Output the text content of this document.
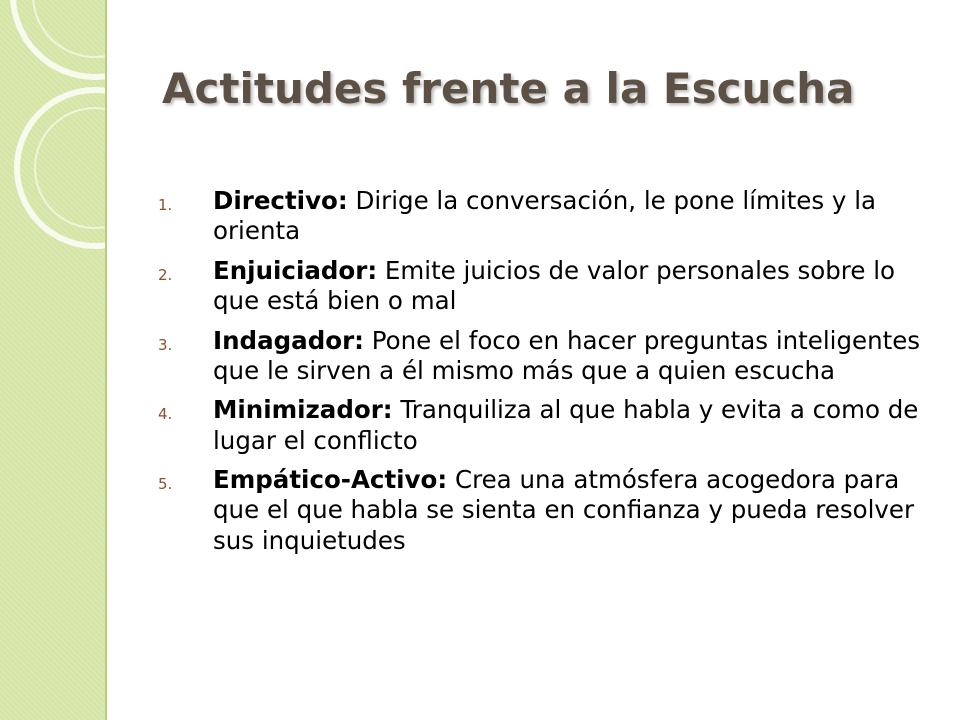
Actitudes frente a la Escucha
1. Directivo: Dirige la conversación, le pone límites y la orienta
2. Enjuiciador: Emite juicios de valor personales sobre lo que está bien o mal
3. Indagador: Pone el foco en hacer preguntas inteligentes que le sirven a él mismo más que a quien escucha
4. Minimizador: Tranquiliza al que habla y evita a como de lugar el conflicto
5. Empático-Activo: Crea una atmósfera acogedora para que el que habla se sienta en confianza y pueda resolver sus inquietudes
